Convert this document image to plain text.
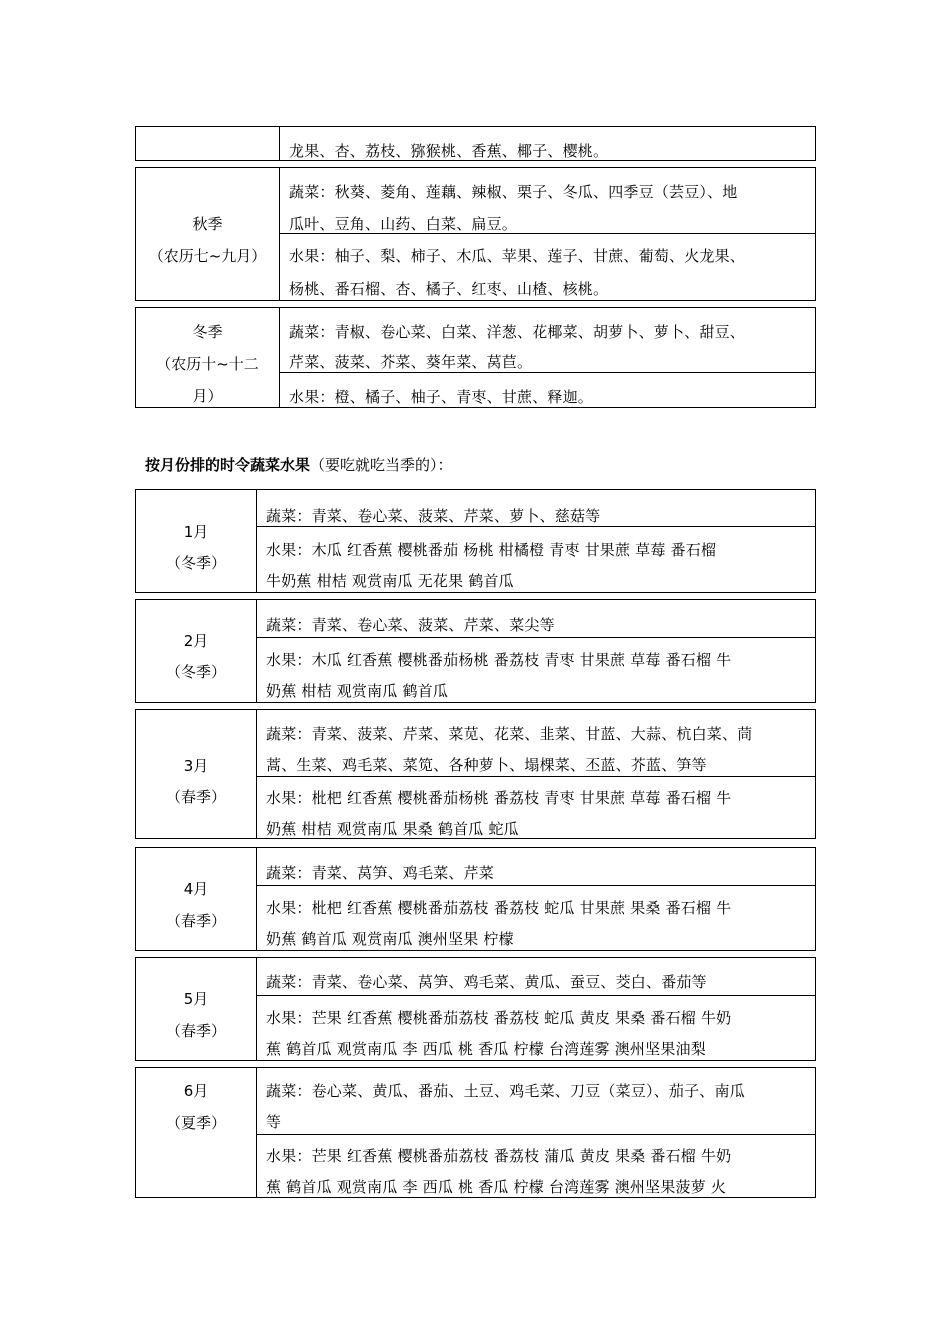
龙果、杏、荔枝、猕猴桃、香蕉、椰子、樱桃。
秋季
（农历七~九月）
蔬菜：秋葵、菱角、莲藕、辣椒、栗子、冬瓜、四季豆（芸豆）、地
瓜叶、豆角、山药、白菜、扁豆。
水果：柚子、梨、柿子、木瓜、苹果、莲子、甘蔗、葡萄、火龙果、
杨桃、番石榴、杏、橘子、红枣、山楂、核桃。
冬季
（农历十~十二
月）
蔬菜：青椒、卷心菜、白菜、洋葱、花椰菜、胡萝卜、萝卜、甜豆、
芹菜、菠菜、芥菜、葵年菜、莴苣。
水果：橙、橘子、柚子、青枣、甘蔗、释迦。
按月份排的时令蔬菜水果（要吃就吃当季的）：
1月
（冬季）
蔬菜：青菜、卷心菜、菠菜、芹菜、萝卜、慈菇等
水果：木瓜 红香蕉 樱桃番茄 杨桃 柑橘橙 青枣 甘果蔗 草莓 番石榴
牛奶蕉 柑桔 观赏南瓜 无花果 鹤首瓜
2月
（冬季）
蔬菜：青菜、卷心菜、菠菜、芹菜、菜尖等
水果：木瓜 红香蕉 樱桃番茄杨桃 番荔枝 青枣 甘果蔗 草莓 番石榴 牛
奶蕉 柑桔 观赏南瓜 鹤首瓜
3月
（春季）
蔬菜：青菜、菠菜、芹菜、菜苋、花菜、韭菜、甘蓝、大蒜、杭白菜、茼
蒿、生菜、鸡毛菜、菜笕、各种萝卜、塌棵菜、丕蓝、芥蓝、笋等
水果：枇杷 红香蕉 樱桃番茄杨桃 番荔枝 青枣 甘果蔗 草莓 番石榴 牛
奶蕉 柑桔 观赏南瓜 果桑 鹤首瓜 蛇瓜
4月
（春季）
蔬菜：青菜、莴笋、鸡毛菜、芹菜
水果：枇杷 红香蕉 樱桃番茄荔枝 番荔枝 蛇瓜 甘果蔗 果桑 番石榴 牛
奶蕉 鹤首瓜 观赏南瓜 澳州坚果 柠檬
5月
（春季）
蔬菜：青菜、卷心菜、莴笋、鸡毛菜、黄瓜、蚕豆、茭白、番茄等
水果：芒果 红香蕉 樱桃番茄荔枝 番荔枝 蛇瓜 黄皮 果桑 番石榴 牛奶
蕉 鹤首瓜 观赏南瓜 李 西瓜 桃 香瓜 柠檬 台湾莲雾 澳州坚果油梨
6月
（夏季）
蔬菜：卷心菜、黄瓜、番茄、土豆、鸡毛菜、刀豆（菜豆）、茄子、南瓜
等
水果：芒果 红香蕉 樱桃番茄荔枝 番荔枝 蒲瓜 黄皮 果桑 番石榴 牛奶
蕉 鹤首瓜 观赏南瓜 李 西瓜 桃 香瓜 柠檬 台湾莲雾 澳州坚果菠萝 火
